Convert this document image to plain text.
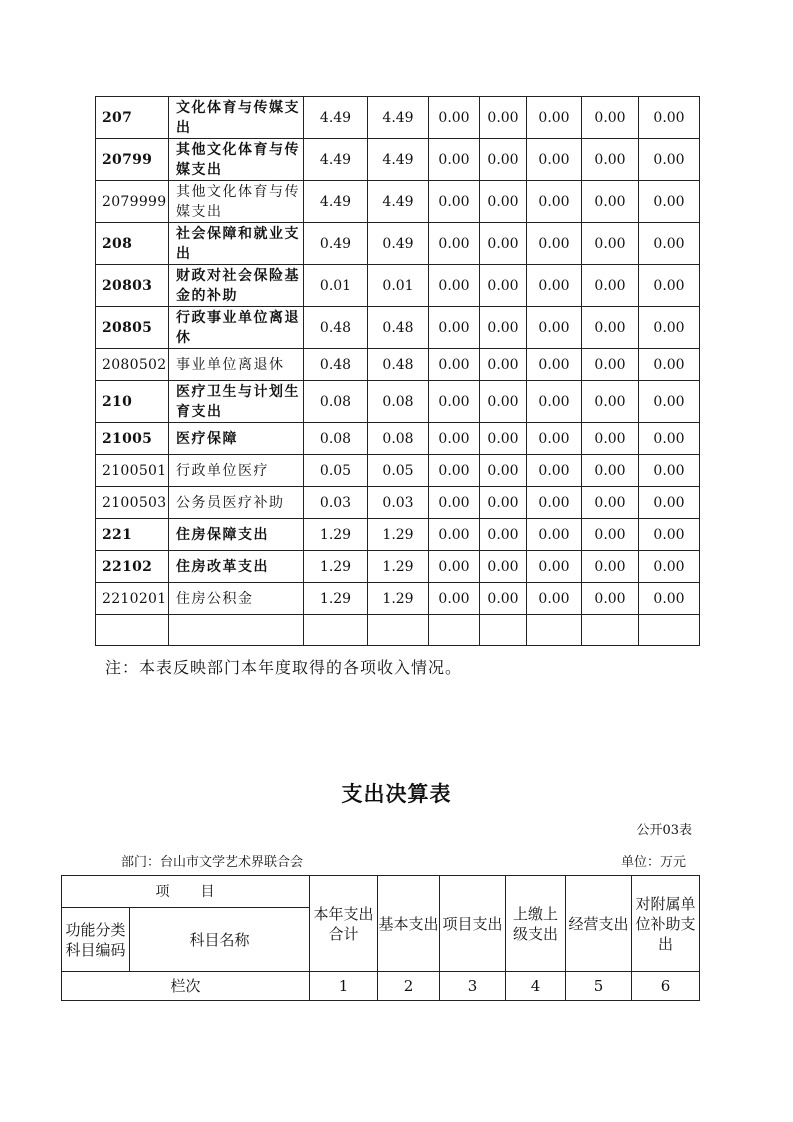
207	文化体育与传媒支出	4.49	4.49	0.00	0.00	0.00	0.00	0.00
20799	其他文化体育与传媒支出	4.49	4.49	0.00	0.00	0.00	0.00	0.00
2079999	其他文化体育与传媒支出	4.49	4.49	0.00	0.00	0.00	0.00	0.00
208	社会保障和就业支出	0.49	0.49	0.00	0.00	0.00	0.00	0.00
20803	财政对社会保险基金的补助	0.01	0.01	0.00	0.00	0.00	0.00	0.00
20805	行政事业单位离退休	0.48	0.48	0.00	0.00	0.00	0.00	0.00
2080502	事业单位离退休	0.48	0.48	0.00	0.00	0.00	0.00	0.00
210	医疗卫生与计划生育支出	0.08	0.08	0.00	0.00	0.00	0.00	0.00
21005	医疗保障	0.08	0.08	0.00	0.00	0.00	0.00	0.00
2100501	行政单位医疗	0.05	0.05	0.00	0.00	0.00	0.00	0.00
2100503	公务员医疗补助	0.03	0.03	0.00	0.00	0.00	0.00	0.00
221	住房保障支出	1.29	1.29	0.00	0.00	0.00	0.00	0.00
22102	住房改革支出	1.29	1.29	0.00	0.00	0.00	0.00	0.00
2210201	住房公积金	1.29	1.29	0.00	0.00	0.00	0.00	0.00

注：本表反映部门本年度取得的各项收入情况。
支出决算表
公开03表
部门：台山市文学艺术界联合会	单位：万元
项　　目		本年支出合计	基本支出	项目支出	上缴上级支出	经营支出	对附属单位补助支出
功能分类科目编码	科目名称						
栏次		1	2	3	4	5	6
